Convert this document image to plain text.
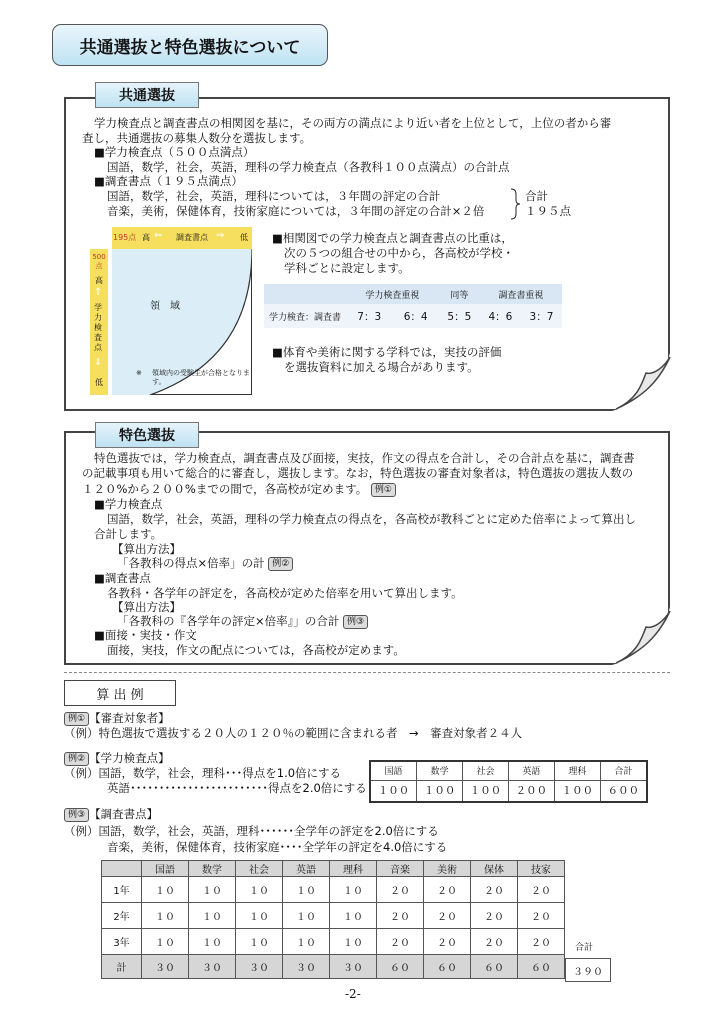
共通選抜と特色選抜について
共通選抜
学力検査点と調査書点の相関図を基に，その両方の満点により近い者を上位として，上位の者から審
査し，共通選抜の募集人数分を選抜します。
■学力検査点（５００点満点）
国語，数学，社会，英語，理科の学力検査点（各教科１００点満点）の合計点
■調査書点（１９５点満点）
国語，数学，社会，英語，理科については，３年間の評定の合計
音楽，美術，保健体育，技術家庭については，３年間の評定の合計×２倍
合計
１９５点
195点 高 ⇐ 調査書点 ⇒ 低
500点
高
⇑
学力検査点
⇓
低
領　域
※ 領域内の受験生が合格となります。
■相関図での学力検査点と調査書点の比重は，
次の５つの組合せの中から，各高校が学校・
学科ごとに設定します。
	学力検査重視		同等	調査書重視	
学力検査：調査書	7：3	6：4	5：5	4：6	3：7
■体育や美術に関する学科では，実技の評価
を選抜資料に加える場合があります。
特色選抜
特色選抜では，学力検査点，調査書点及び面接，実技，作文の得点を合計し，その合計点を基に，調査書
の記載事項も用いて総合的に審査し，選抜します。なお，特色選抜の審査対象者は，特色選抜の選抜人数の
１２０%から２００%までの間で，各高校が定めます。 例①
■学力検査点
国語，数学，社会，英語，理科の学力検査点の得点を，各高校が教科ごとに定めた倍率によって算出し
合計します。
【算出方法】
「各教科の得点×倍率」の計 例②
■調査書点
各教科・各学年の評定を，各高校が定めた倍率を用いて算出します。
【算出方法】
「各教科の『各学年の評定×倍率』」の合計 例③
■面接・実技・作文
面接，実技，作文の配点については，各高校が定めます。
算 出 例
例① 【審査対象者】
（例）特色選抜で選抜する２０人の１２０％の範囲に含まれる者　→　審査対象者２４人
例② 【学力検査点】
（例）国語，数学，社会，理科･･･得点を1.0倍にする
英語････････････････････････得点を2.0倍にする
国語	数学	社会	英語	理科	合計
１００	１００	１００	２００	１００	６００
例③ 【調査書点】
（例）国語，数学，社会，英語，理科･･････全学年の評定を2.0倍にする
音楽，美術，保健体育，技術家庭････全学年の評定を4.0倍にする
	国語	数学	社会	英語	理科	音楽	美術	保体	技家
1年	１０	１０	１０	１０	１０	２０	２０	２０	２０
2年	１０	１０	１０	１０	１０	２０	２０	２０	２０
3年	１０	１０	１０	１０	１０	２０	２０	２０	２０
計	３０	３０	３０	３０	３０	６０	６０	６０	６０
合計
３９０
-2-
